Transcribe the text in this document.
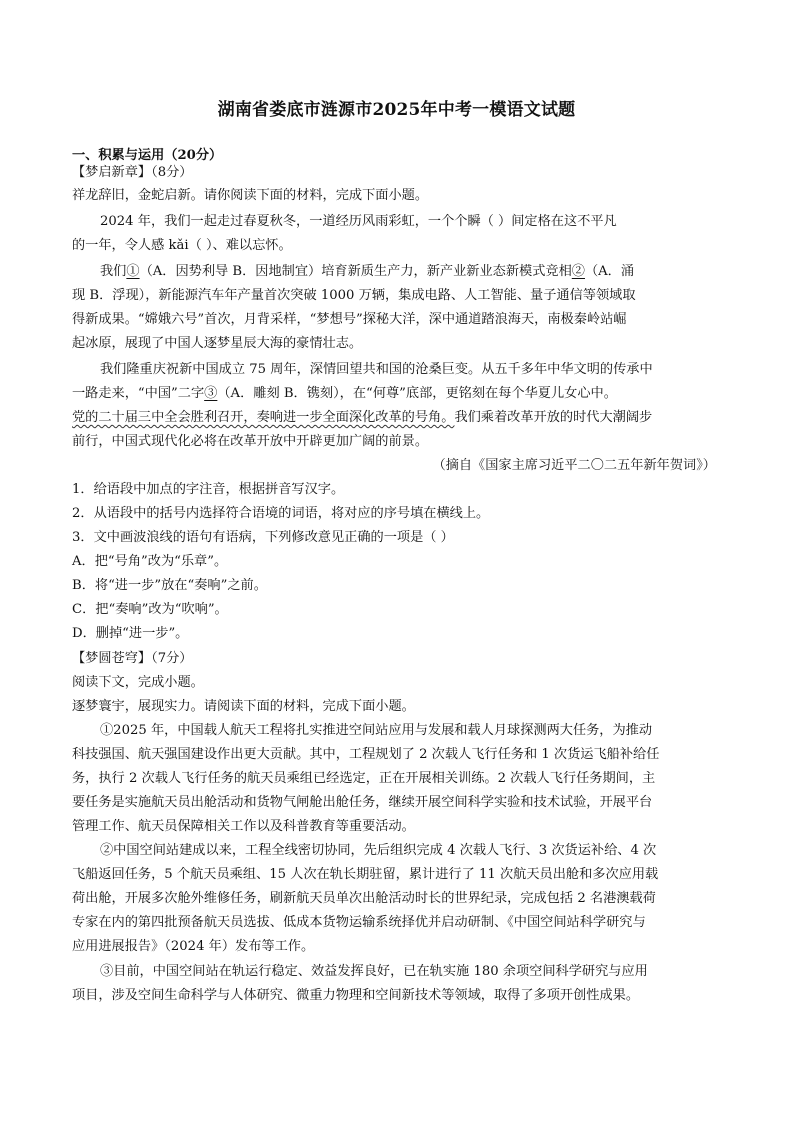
湖南省娄底市涟源市2025年中考一模语文试题
一、积累与运用（20分）
【梦启新章】（8分）
祥龙辞旧，金蛇启新。请你阅读下面的材料，完成下面小题。
2024 年，我们一起走过春夏秋冬，一道经历风雨彩虹，一个个瞬（ ）间定格在这不平凡
的一年，令人感 kǎi（ ）、难以忘怀。
我们①（A．因势利导 B．因地制宜）培育新质生产力，新产业新业态新模式竞相②（A．涌
现 B．浮现），新能源汽车年产量首次突破 1000 万辆，集成电路、人工智能、量子通信等领域取
得新成果。“嫦娥六号”首次，月背采样，“梦想号”探秘大洋，深中通道踏浪海天，南极秦岭站崛
起冰原，展现了中国人逐梦星辰大海的豪情壮志。
我们隆重庆祝新中国成立 75 周年，深情回望共和国的沧桑巨变。从五千多年中华文明的传承中
一路走来，“中国”二字③（A．雕刻 B．镌刻），在“何尊”底部，更铭刻在每个华夏儿女心中。
党的二十届三中全会胜利召开，奏响进一步全面深化改革的号角。我们乘着改革开放的时代大潮阔步
前行，中国式现代化必将在改革开放中开辟更加广阔的前景。
（摘自《国家主席习近平二〇二五年新年贺词》）
1．给语段中加点的字注音，根据拼音写汉字。
2．从语段中的括号内选择符合语境的词语，将对应的序号填在横线上。
3．文中画波浪线的语句有语病，下列修改意见正确的一项是（ ）
A．把“号角”改为“乐章”。
B．将“进一步”放在“奏响”之前。
C．把“奏响”改为“吹响”。
D．删掉“进一步”。
【梦圆苍穹】（7分）
阅读下文，完成小题。
逐梦寰宇，展现实力。请阅读下面的材料，完成下面小题。
①2025 年，中国载人航天工程将扎实推进空间站应用与发展和载人月球探测两大任务，为推动
科技强国、航天强国建设作出更大贡献。其中，工程规划了 2 次载人飞行任务和 1 次货运飞船补给任
务，执行 2 次载人飞行任务的航天员乘组已经选定，正在开展相关训练。2 次载人飞行任务期间，主
要任务是实施航天员出舱活动和货物气闸舱出舱任务，继续开展空间科学实验和技术试验，开展平台
管理工作、航天员保障相关工作以及科普教育等重要活动。
②中国空间站建成以来，工程全线密切协同，先后组织完成 4 次载人飞行、3 次货运补给、4 次
飞船返回任务，5 个航天员乘组、15 人次在轨长期驻留，累计进行了 11 次航天员出舱和多次应用载
荷出舱，开展多次舱外维修任务，刷新航天员单次出舱活动时长的世界纪录，完成包括 2 名港澳载荷
专家在内的第四批预备航天员选拔、低成本货物运输系统择优并启动研制、《中国空间站科学研究与
应用进展报告》（2024 年）发布等工作。
③目前，中国空间站在轨运行稳定、效益发挥良好，已在轨实施 180 余项空间科学研究与应用
项目，涉及空间生命科学与人体研究、微重力物理和空间新技术等领域，取得了多项开创性成果。
